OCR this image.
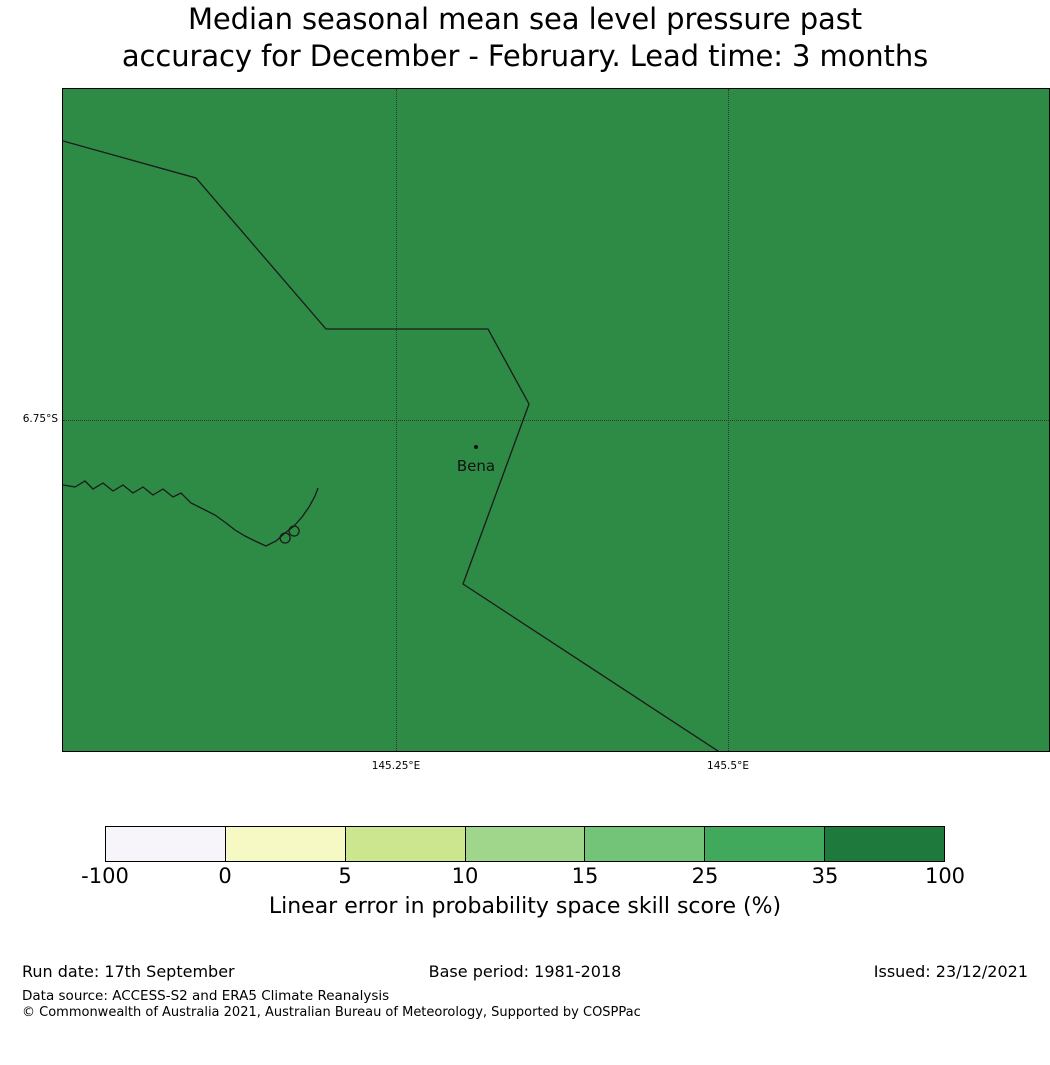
Median seasonal mean sea level pressure past
accuracy for December - February. Lead time: 3 months
Bena
145.25°E	145.5°E
6.75°S
-100	0	5	10	15	25	35	100
Linear error in probability space skill score (%)
Run date: 17th September	Base period: 1981-2018	Issued: 23/12/2021
Data source: ACCESS-S2 and ERA5 Climate Reanalysis
© Commonwealth of Australia 2021, Australian Bureau of Meteorology, Supported by COSPPac
